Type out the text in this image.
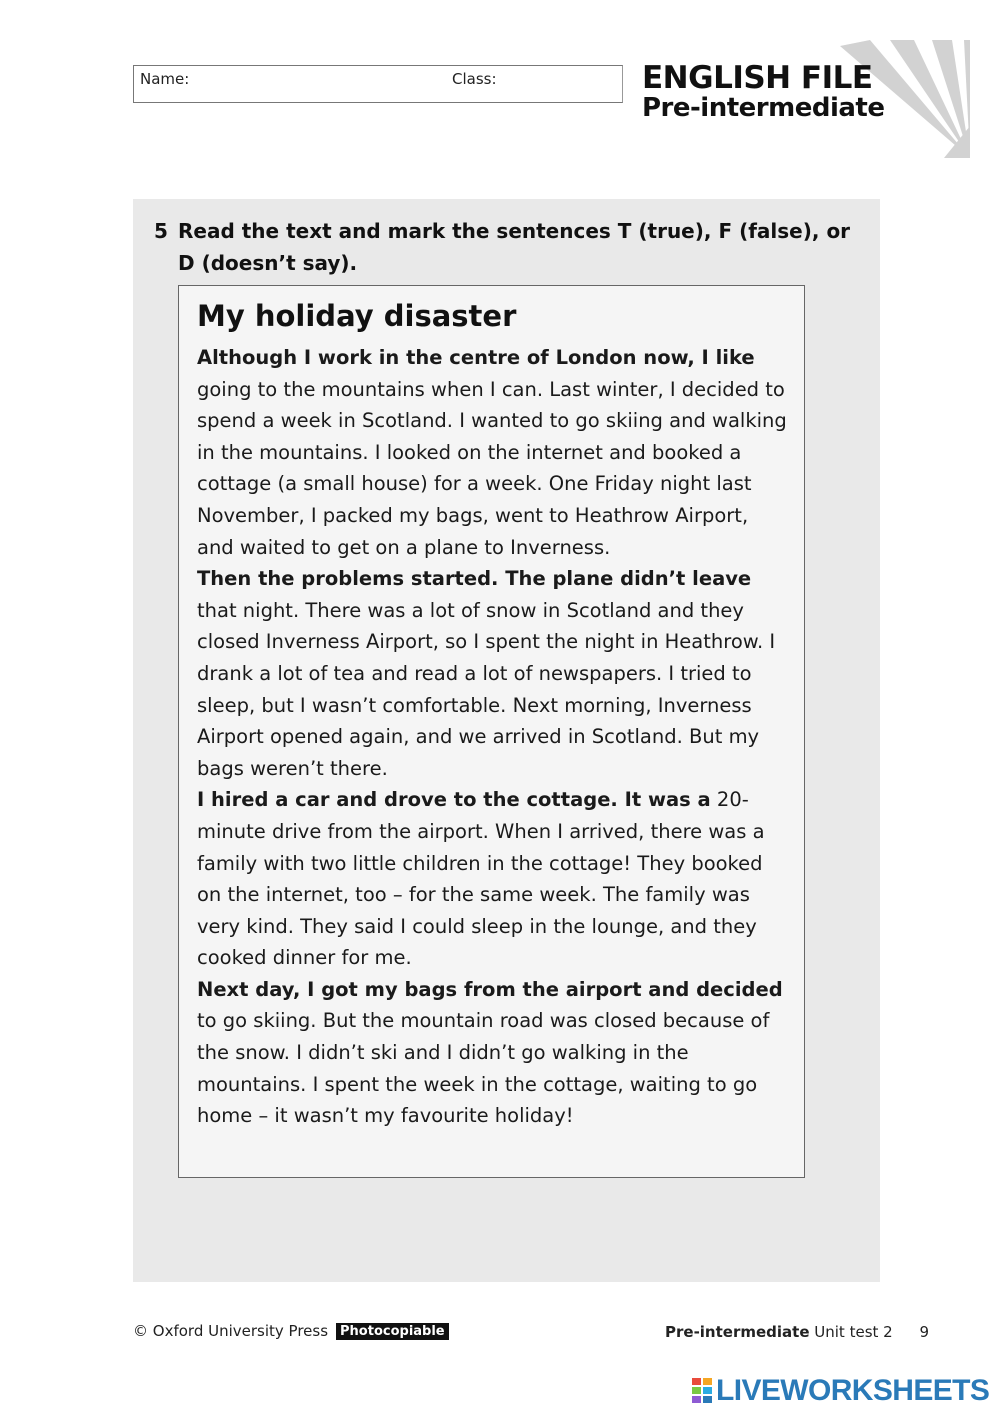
Name:	Class:	ENGLISH FILE
Pre-intermediate
5 Read the text and mark the sentences T (true), F (false), or D (doesn’t say).
My holiday disaster

Although I work in the centre of London now, I like going to the mountains when I can. Last winter, I decided to spend a week in Scotland. I wanted to go skiing and walking in the mountains. I looked on the internet and booked a cottage (a small house) for a week. One Friday night last November, I packed my bags, went to Heathrow Airport, and waited to get on a plane to Inverness.

Then the problems started. The plane didn’t leave that night. There was a lot of snow in Scotland and they closed Inverness Airport, so I spent the night in Heathrow. I drank a lot of tea and read a lot of newspapers. I tried to sleep, but I wasn’t comfortable. Next morning, Inverness Airport opened again, and we arrived in Scotland. But my bags weren’t there.

I hired a car and drove to the cottage. It was a 20-minute drive from the airport. When I arrived, there was a family with two little children in the cottage! They booked on the internet, too – for the same week. The family was very kind. They said I could sleep in the lounge, and they cooked dinner for me.

Next day, I got my bags from the airport and decided to go skiing. But the mountain road was closed because of the snow. I didn’t ski and I didn’t go walking in the mountains. I spent the week in the cottage, waiting to go home – it wasn’t my favourite holiday!

© Oxford University Press Photocopiable	Pre-intermediate Unit test 2 9
LIVEWORKSHEETS
